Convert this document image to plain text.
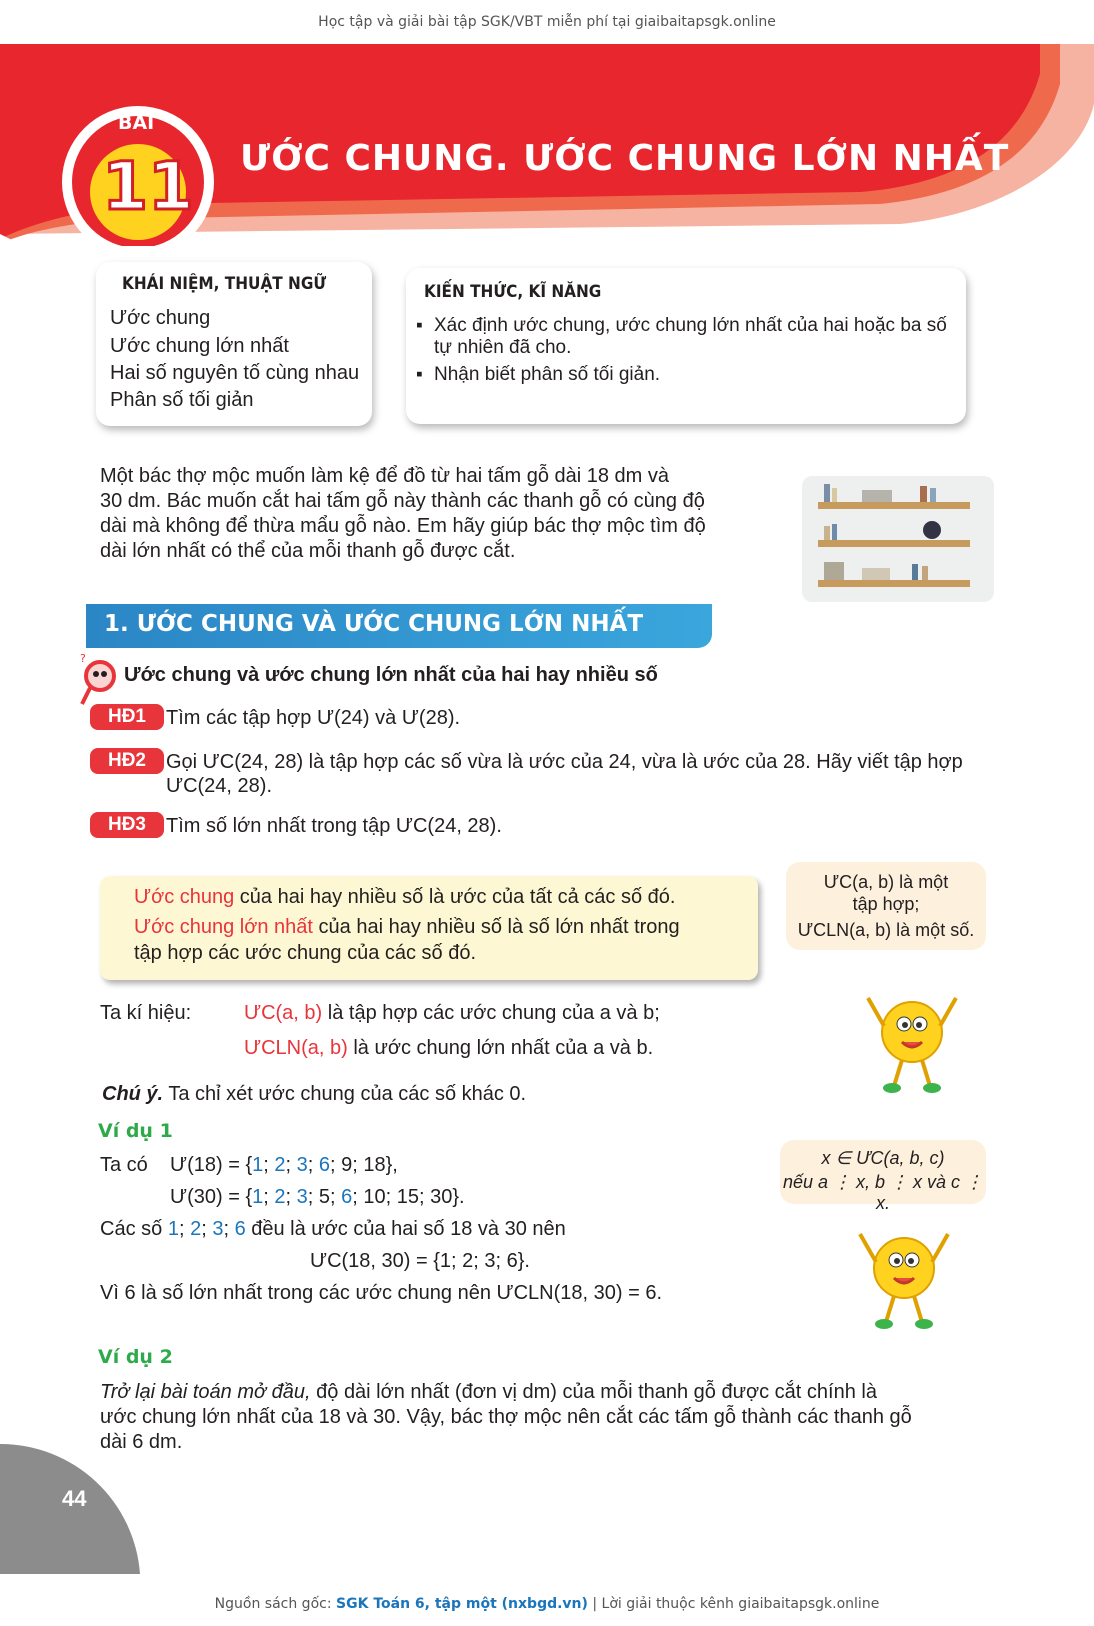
Học tập và giải bài tập SGK/VBT miễn phí tại giaibaitapsgk.online
BÀI
11 ƯỚC CHUNG. ƯỚC CHUNG LỚN NHẤT
KHÁI NIỆM, THUẬT NGỮ
Ước chung
Ước chung lớn nhất
Hai số nguyên tố cùng nhau
Phân số tối giản
KIẾN THỨC, KĨ NĂNG
▪ Xác định ước chung, ước chung lớn nhất của hai hoặc ba số
tự nhiên đã cho.
▪ Nhận biết phân số tối giản.
Một bác thợ mộc muốn làm kệ để đồ từ hai tấm gỗ dài 18 dm và
30 dm. Bác muốn cắt hai tấm gỗ này thành các thanh gỗ có cùng độ
dài mà không để thừa mẩu gỗ nào. Em hãy giúp bác thợ mộc tìm độ
dài lớn nhất có thể của mỗi thanh gỗ được cắt.
1. ƯỚC CHUNG VÀ ƯỚC CHUNG LỚN NHẤT
?
Ước chung và ước chung lớn nhất của hai hay nhiều số
HĐ1	Tìm các tập hợp Ư(24) và Ư(28).
HĐ2	Gọi ƯC(24, 28) là tập hợp các số vừa là ước của 24, vừa là ước của 28. Hãy viết tập hợp
ƯC(24, 28).
HĐ3	Tìm số lớn nhất trong tập ƯC(24, 28).
Ước chung của hai hay nhiều số là ước của tất cả các số đó.
Ước chung lớn nhất của hai hay nhiều số là số lớn nhất trong
tập hợp các ước chung của các số đó.
ƯC(a, b) là một
tập hợp;
ƯCLN(a, b) là một số.
Ta kí hiệu:	ƯC(a, b) là tập hợp các ước chung của a và b;
ƯCLN(a, b) là ước chung lớn nhất của a và b.
Chú ý. Ta chỉ xét ước chung của các số khác 0.
Ví dụ 1
Ta có Ư(18) = {1; 2; 3; 6; 9; 18},
Ư(30) = {1; 2; 3; 5; 6; 10; 15; 30}.
Các số 1; 2; 3; 6 đều là ước của hai số 18 và 30 nên
ƯC(18, 30) = {1; 2; 3; 6}.
Vì 6 là số lớn nhất trong các ước chung nên ƯCLN(18, 30) = 6.
x ∈ ƯC(a, b, c)
nếu a ⋮ x, b ⋮ x và c ⋮ x.
Ví dụ 2
Trở lại bài toán mở đầu, độ dài lớn nhất (đơn vị dm) của mỗi thanh gỗ được cắt chính là
ước chung lớn nhất của 18 và 30. Vậy, bác thợ mộc nên cắt các tấm gỗ thành các thanh gỗ
dài 6 dm.
44
Nguồn sách gốc: SGK Toán 6, tập một (nxbgd.vn) | Lời giải thuộc kênh giaibaitapsgk.online
